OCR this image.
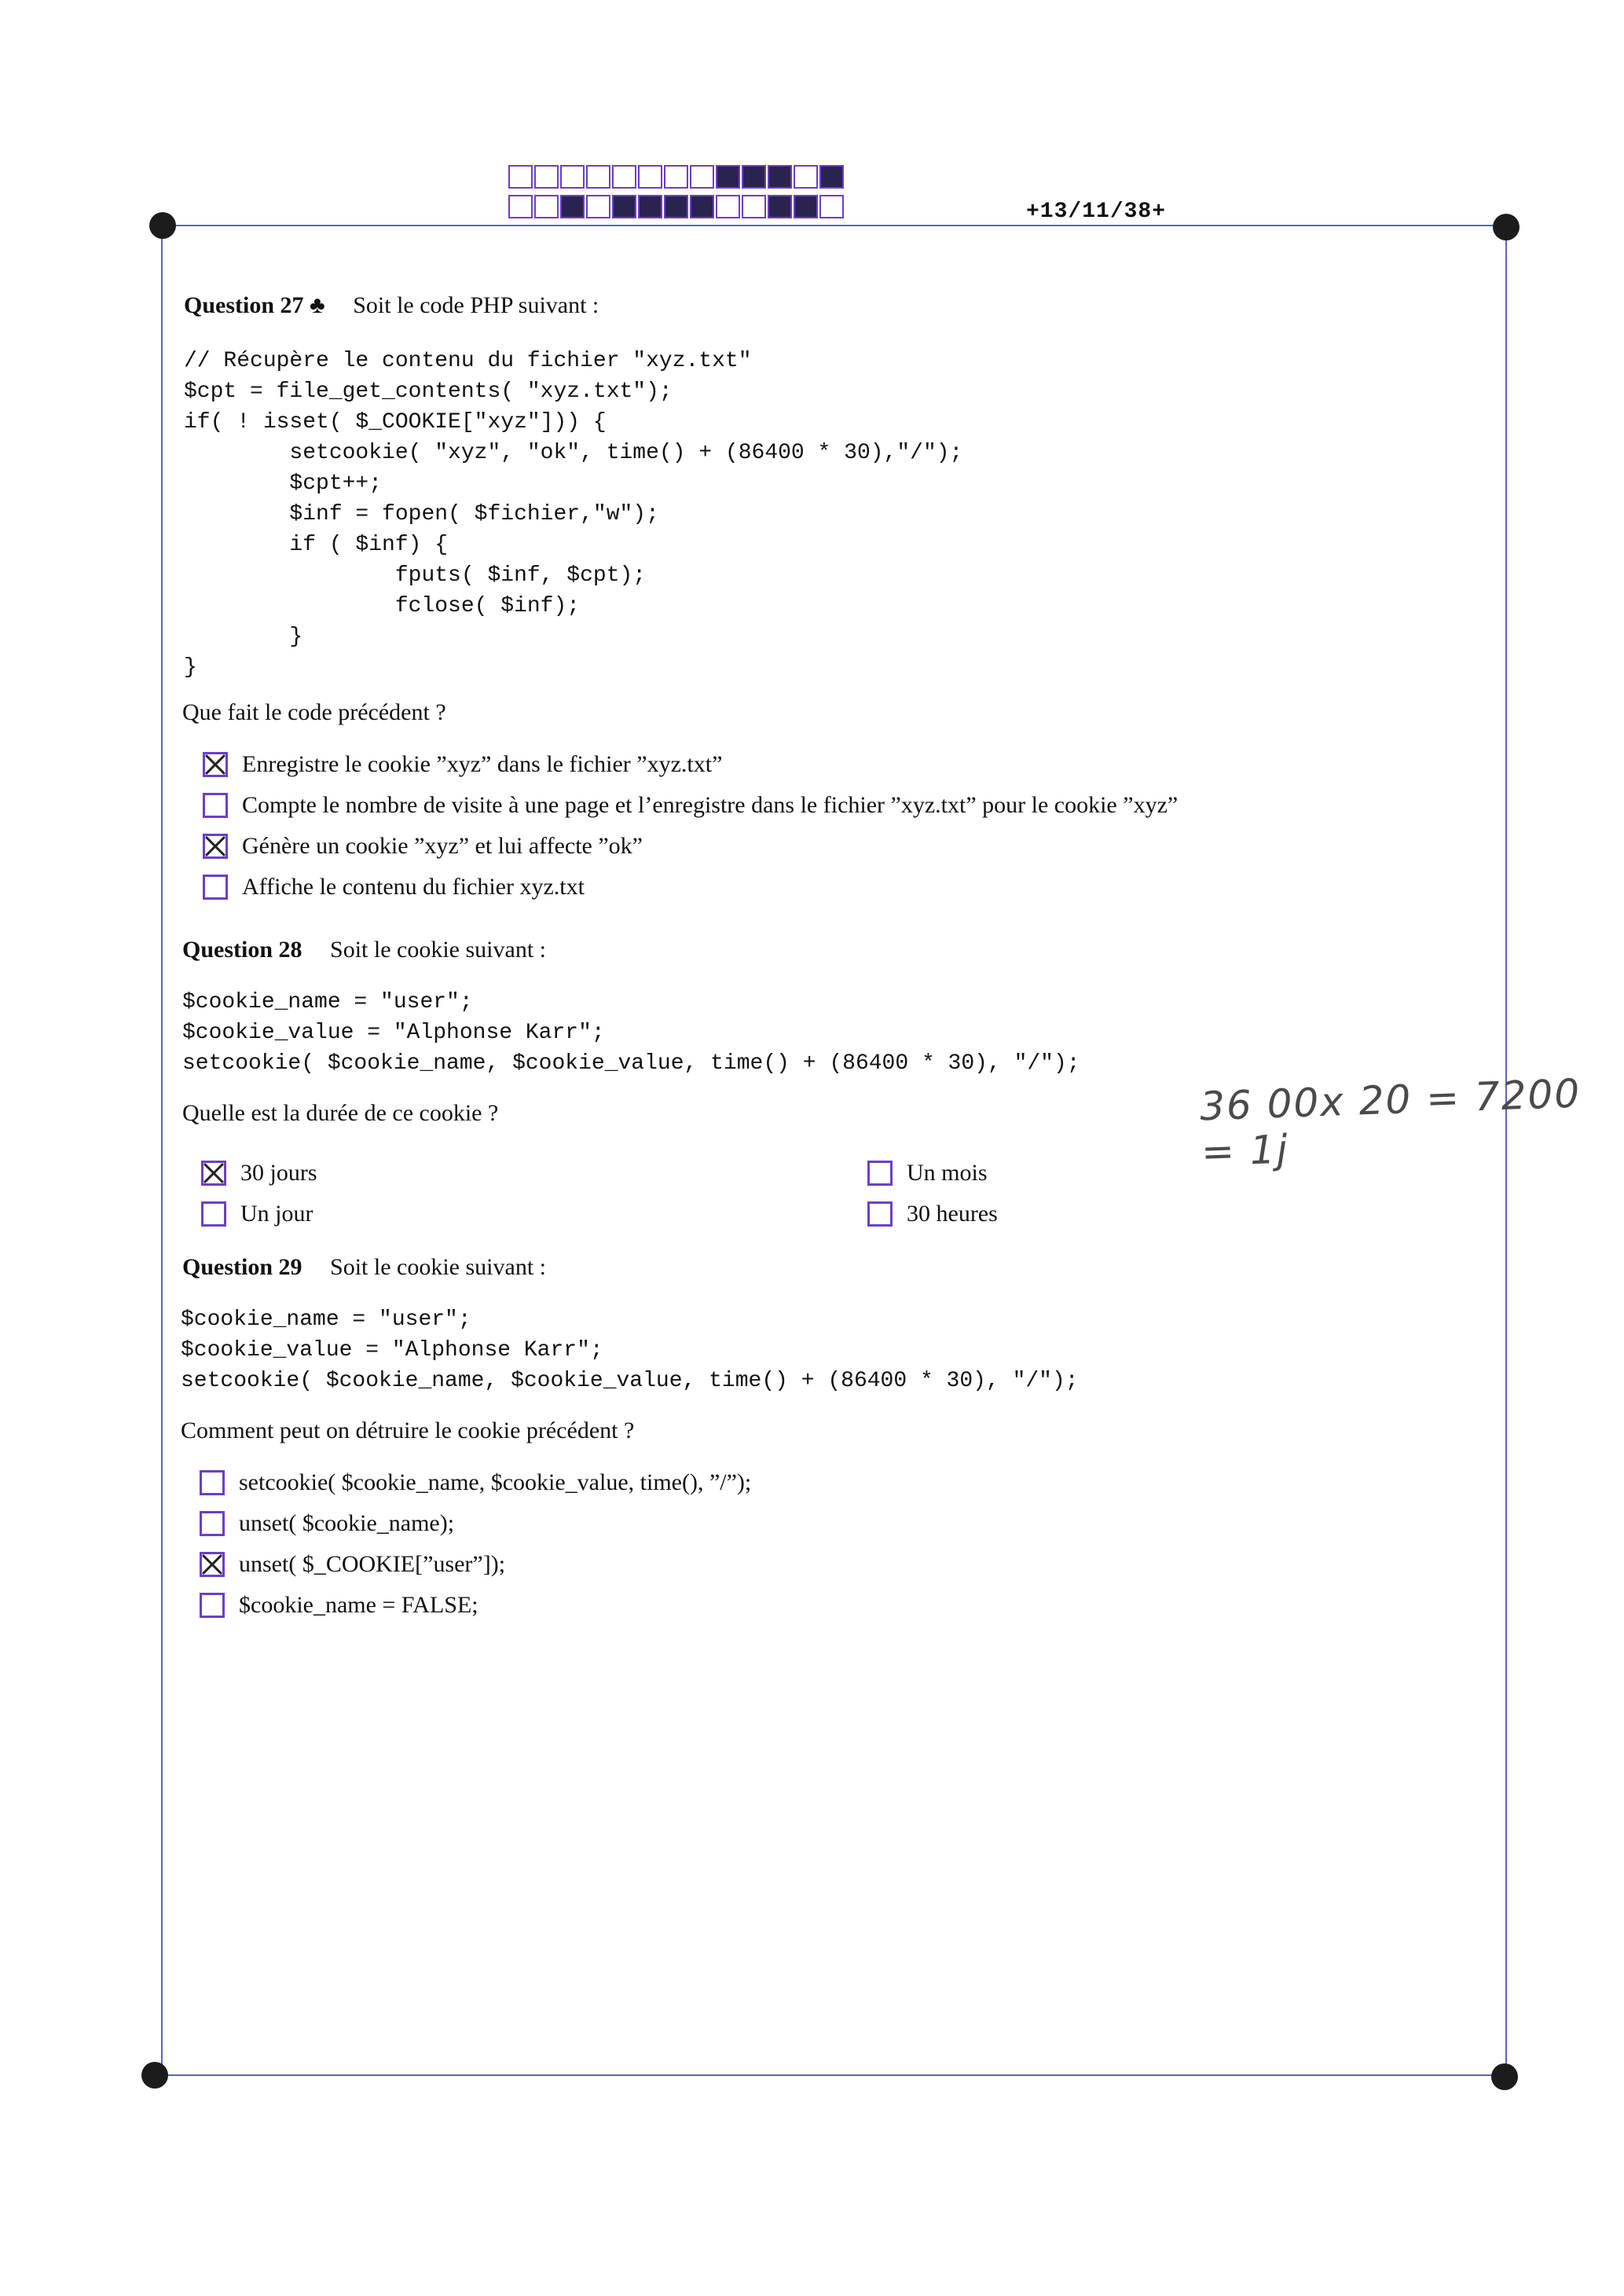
+13/11/38+
Question 27 ♣ Soit le code PHP suivant :
// Récupère le contenu du fichier "xyz.txt"
$cpt = file_get_contents( "xyz.txt");
if( ! isset( $_COOKIE["xyz"])) {
setcookie( "xyz", "ok", time() + (86400 * 30),"/");
$cpt++;
$inf = fopen( $fichier,"w");
if ( $inf) {
fputs( $inf, $cpt);
fclose( $inf);
}
}
Que fait le code précédent ?
Enregistre le cookie ”xyz” dans le fichier ”xyz.txt”
Compte le nombre de visite à une page et l’enregistre dans le fichier ”xyz.txt” pour le cookie ”xyz”
Génère un cookie ”xyz” et lui affecte ”ok”
Affiche le contenu du fichier xyz.txt
Question 28 Soit le cookie suivant :
$cookie_name = "user";
$cookie_value = "Alphonse Karr";
setcookie( $cookie_name, $cookie_value, time() + (86400 * 30), "/");
Quelle est la durée de ce cookie ?
30 jours
Un jour
Un mois
30 heures
36 00x 20 = 7200 = 1j
Question 29 Soit le cookie suivant :
$cookie_name = "user";
$cookie_value = "Alphonse Karr";
setcookie( $cookie_name, $cookie_value, time() + (86400 * 30), "/");
Comment peut on détruire le cookie précédent ?
setcookie( $cookie_name, $cookie_value, time(), ”/”);
unset( $cookie_name);
unset( $_COOKIE[”user”]);
$cookie_name = FALSE;
